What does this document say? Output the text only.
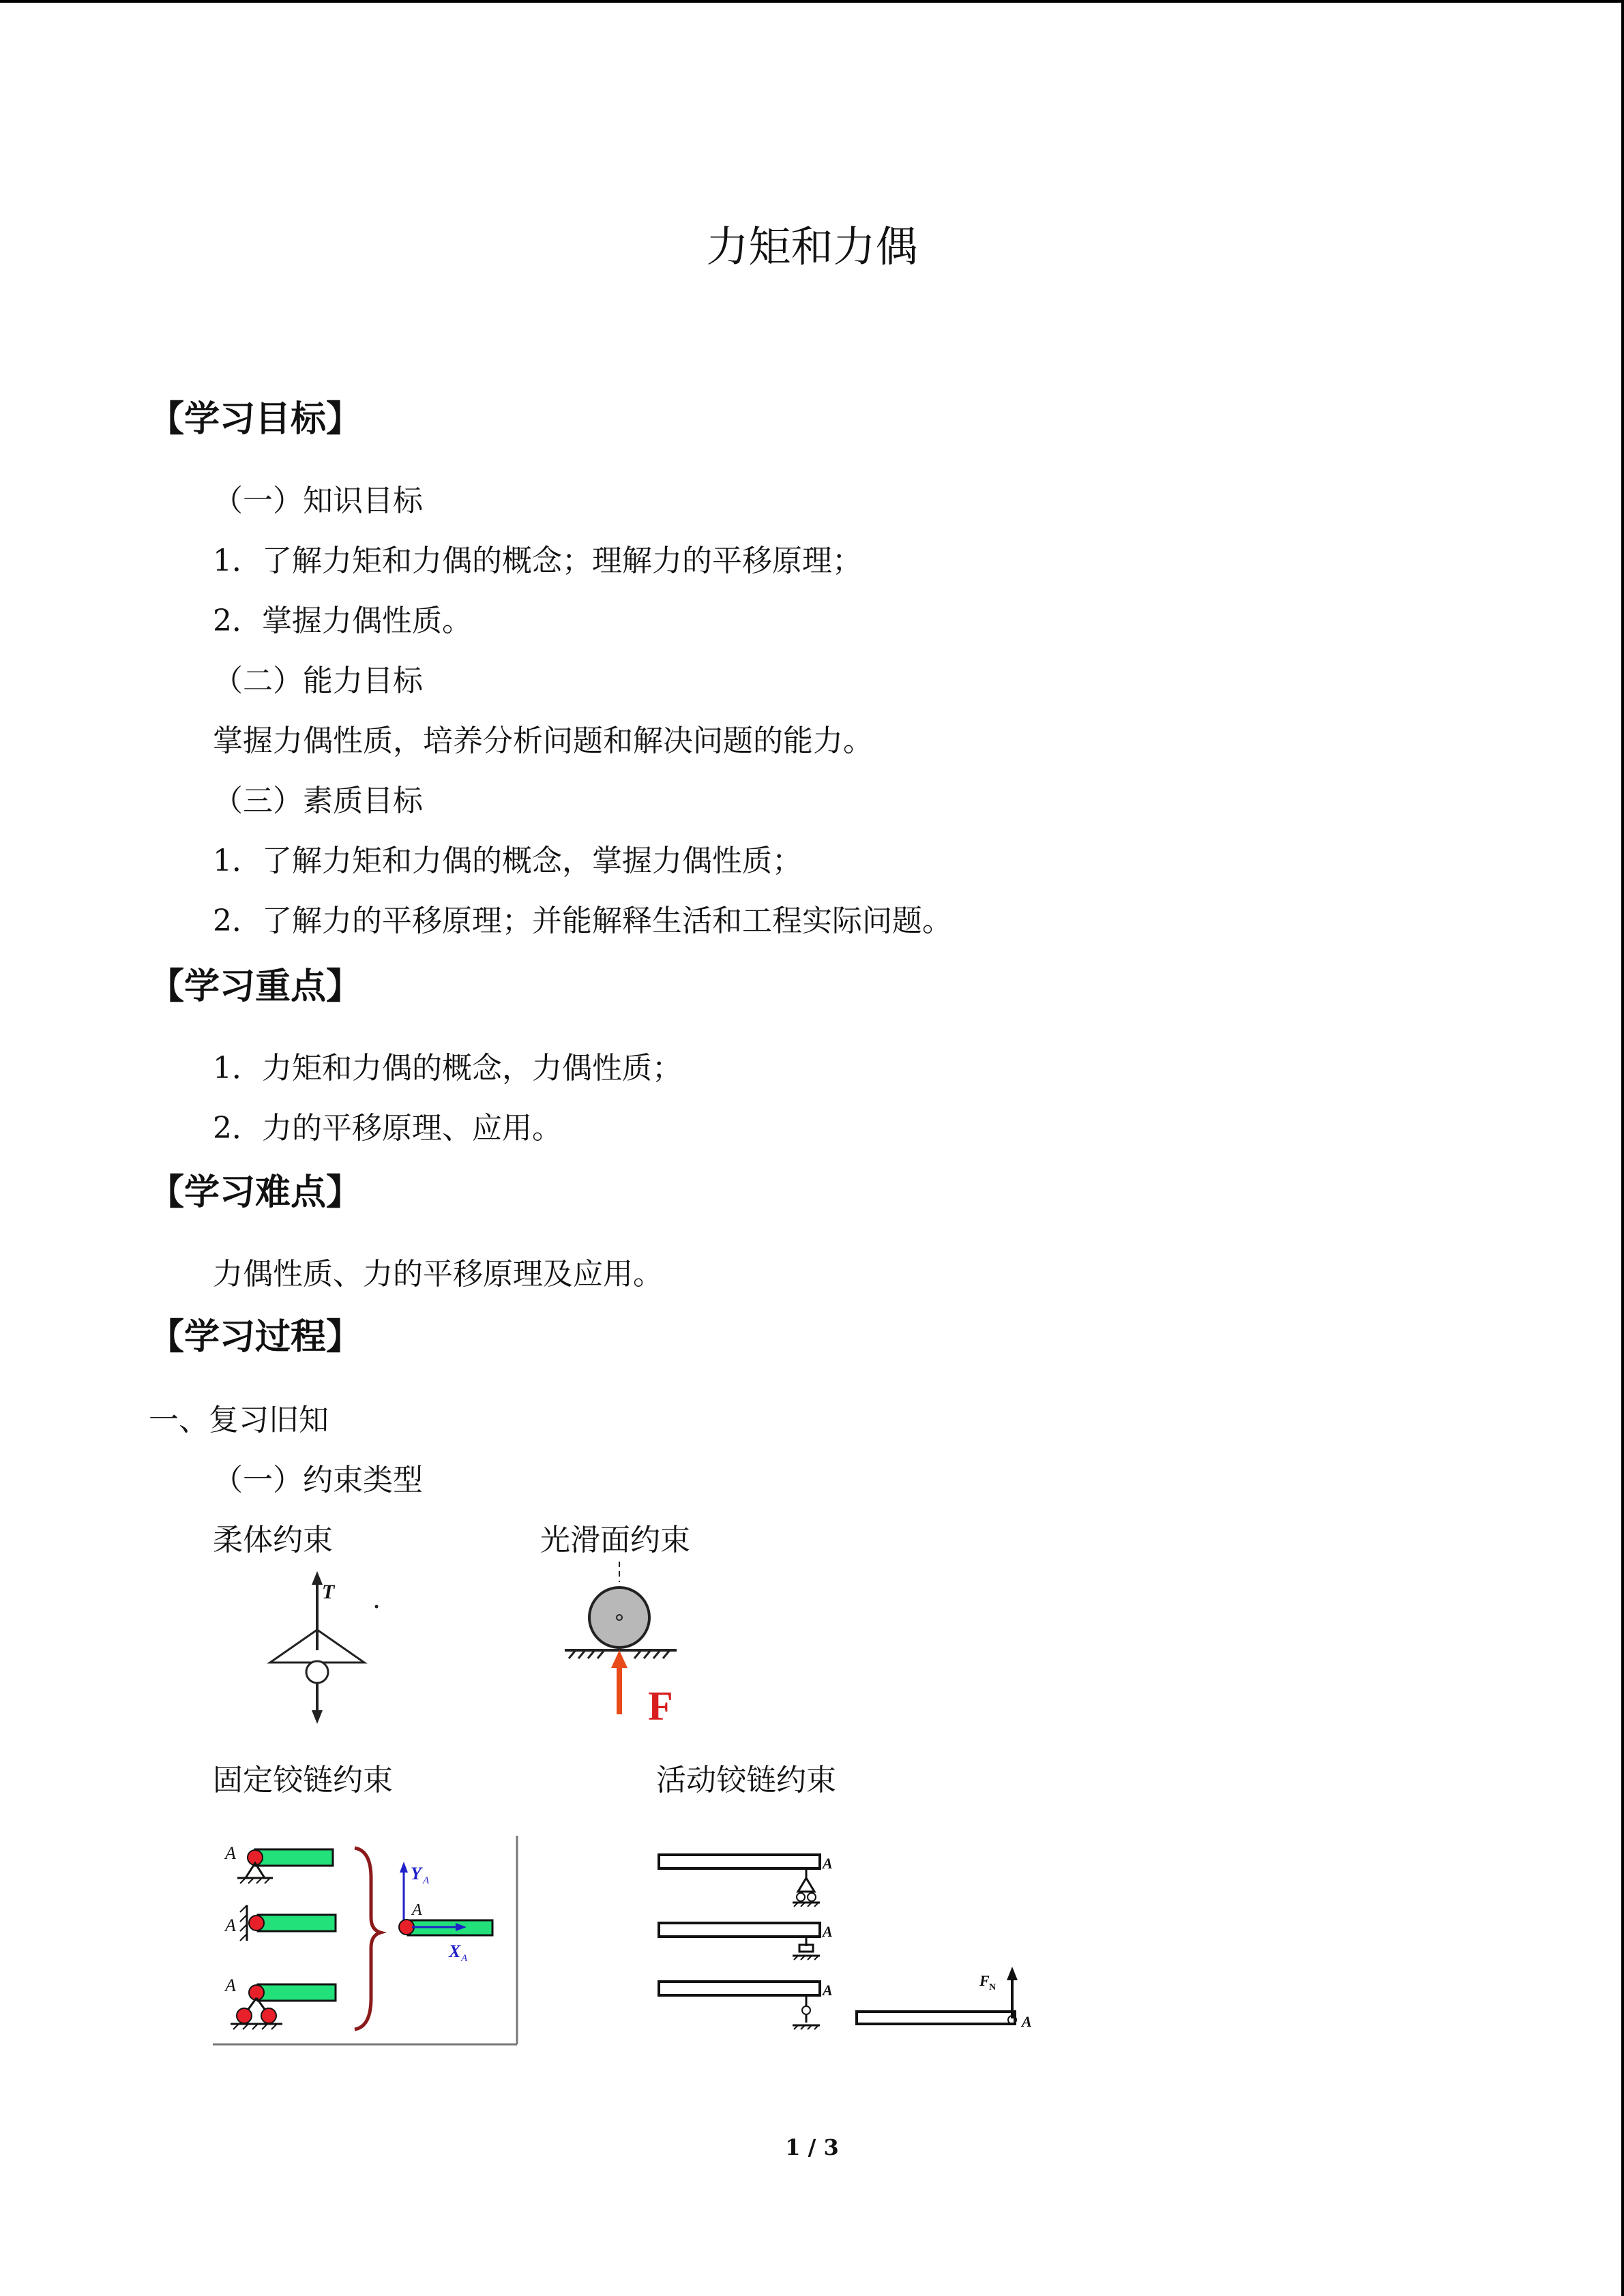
力矩和力偶
【学习目标】
（一）知识目标
1．了解力矩和力偶的概念；理解力的平移原理；
2．掌握力偶性质。
（二）能力目标
掌握力偶性质，培养分析问题和解决问题的能力。
（三）素质目标
1．了解力矩和力偶的概念，掌握力偶性质；
2．了解力的平移原理；并能解释生活和工程实际问题。
【学习重点】
1．力矩和力偶的概念，力偶性质；
2．力的平移原理、应用。
【学习难点】
力偶性质、力的平移原理及应用。
【学习过程】
一、复习旧知
（一）约束类型
柔体约束	光滑面约束
T
F
固定铰链约束	活动铰链约束
A
A
A
Y A
A
X A
A
A
A
F N
A
1 / 3
